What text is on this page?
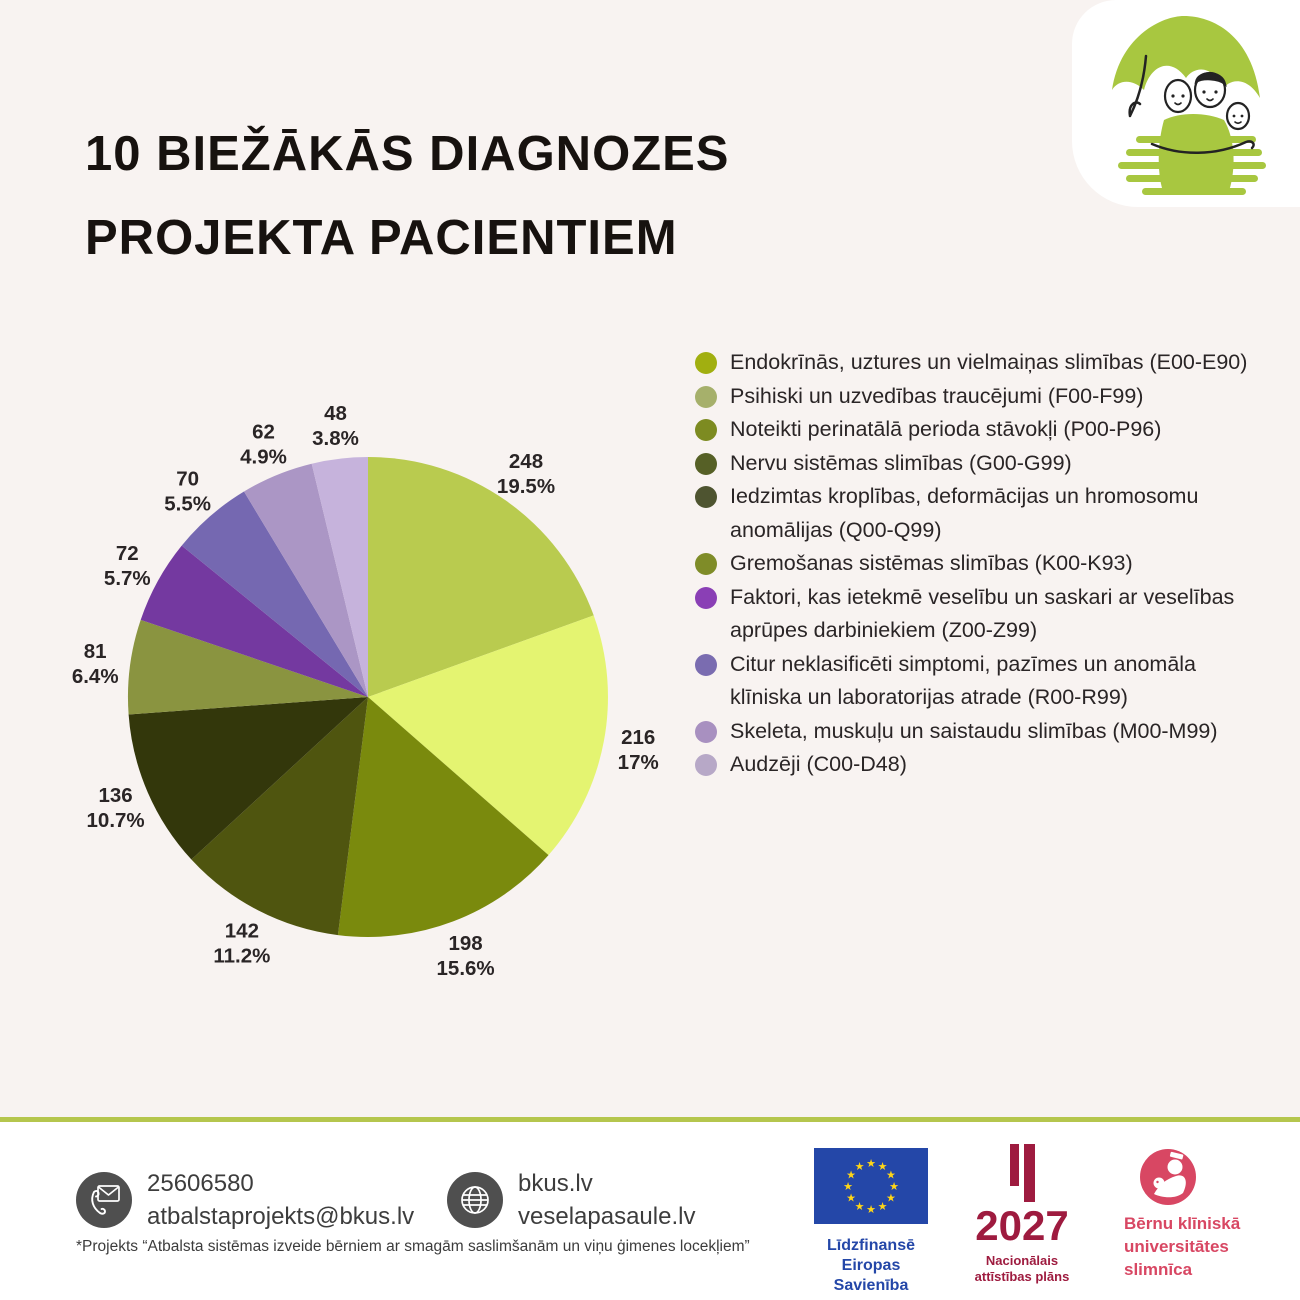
10 BIEŽĀKĀS DIAGNOZES
PROJEKTA PACIENTIEM
248 19.5%
216 17%
198 15.6%
142 11.2%
136 10.7%
81 6.4%
72 5.7%
70 5.5%
62 4.9%
48 3.8%
Endokrīnās, uztures un vielmaiņas slimības (E00-E90)
Psihiski un uzvedības traucējumi (F00-F99)
Noteikti perinatālā perioda stāvokļi (P00-P96)
Nervu sistēmas slimības (G00-G99)
Iedzimtas kroplības, deformācijas un hromosomu anomālijas (Q00-Q99)
Gremošanas sistēmas slimības (K00-K93)
Faktori, kas ietekmē veselību un saskari ar veselības aprūpes darbiniekiem (Z00-Z99)
Citur neklasificēti simptomi, pazīmes un anomāla klīniska un laboratorijas atrade (R00-R99)
Skeleta, muskuļu un saistaudu slimības (M00-M99)
Audzēji (C00-D48)
25606580
atbalstaprojekts@bkus.lv
bkus.lv
veselapasaule.lv
*Projekts “Atbalsta sistēmas izveide bērniem ar smagām saslimšanām un viņu ģimenes locekļiem”
★ ★
★
★
★
★
★
★
★
★
★
★
Līdzfinansē
Eiropas Savienība
2027
Nacionālais
attīstības plāns
Bērnu klīniskā
universitātes
slimnīca
